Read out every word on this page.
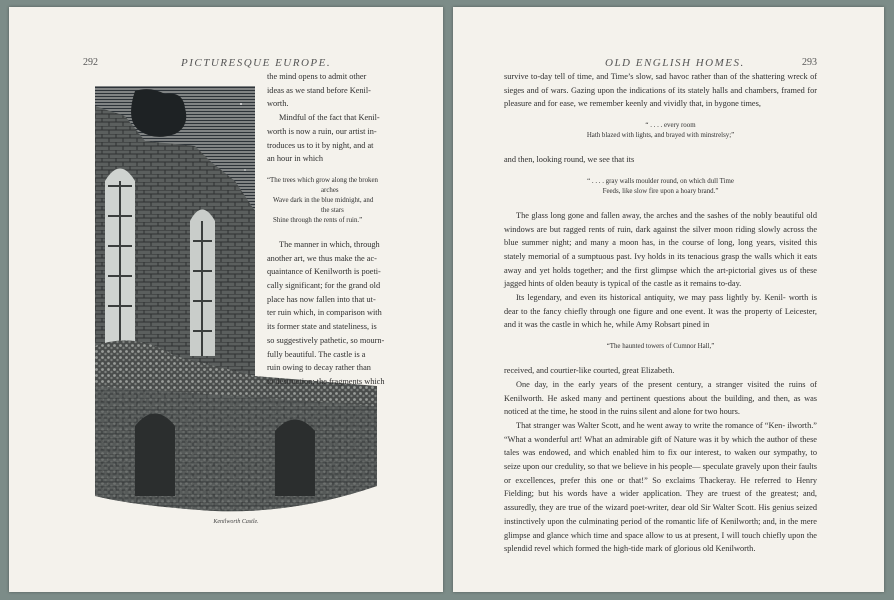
292	PICTURESQUE EUROPE.
Kenilworth Castle.

the mind opens to admit other
ideas as we stand before Kenil-
worth.

Mindful of the fact that Kenil-
worth is now a ruin, our artist in-
troduces us to it by night, and at
an hour in which

“The trees which grow along the broken
arches
Wave dark in the blue midnight, and
the stars
Shine through the rents of ruin.”

The manner in which, through
another art, we thus make the ac-
quaintance of Kenilworth is poeti-
cally significant; for the grand old
place has now fallen into that ut-
ter ruin which, in comparison with
its former state and stateliness, is
so suggestively pathetic, so mourn-
fully beautiful. The castle is a
ruin owing to decay rather than
to destruction; the fragments which

OLD ENGLISH HOMES.	293

survive to-day tell of time, and Time’s slow, sad havoc rather than of the shattering wreck of sieges and of wars. Gazing upon the indications of its stately halls and chambers, framed for pleasure and for ease, we remember keenly and vividly that, in bygone times,

“ . . . . every room
Hath blazed with lights, and brayed with minstrelsy;”

and then, looking round, we see that its

“ . . . . gray walls moulder round, on which dull Time
Feeds, like slow fire upon a hoary brand.”

The glass long gone and fallen away, the arches and the sashes of the nobly beautiful old windows are but ragged rents of ruin, dark against the silver moon riding slowly across the blue summer night; and many a moon has, in the course of long, long years, visited this stately memorial of a sumptuous past. Ivy holds in its tenacious grasp the walls which it eats away and yet holds together; and the first glimpse which the art-pictorial gives us of these jagged hints of olden beauty is typical of the castle as it remains to-day.

Its legendary, and even its historical antiquity, we may pass lightly by. Kenil- worth is dear to the fancy chiefly through one figure and one event. It was the property of Leicester, and it was the castle in which he, while Amy Robsart pined in

“The haunted towers of Cumnor Hall,”

received, and courtier-like courted, great Elizabeth.

One day, in the early years of the present century, a stranger visited the ruins of Kenilworth. He asked many and pertinent questions about the building, and then, as was noticed at the time, he stood in the ruins silent and alone for two hours.

That stranger was Walter Scott, and he went away to write the romance of “Ken- ilworth.” “What a wonderful art! What an admirable gift of Nature was it by which the author of these tales was endowed, and which enabled him to fix our interest, to waken our sympathy, to seize upon our credulity, so that we believe in his people— speculate gravely upon their faults or excellences, prefer this one or that!” So exclaims Thackeray. He referred to Henry Fielding; but his words have a wider application. They are truest of the greatest; and, assuredly, they are true of the wizard poet-writer, dear old Sir Walter Scott. His genius seized instinctively upon the culminating period of the romantic life of Kenilworth; and, in the mere glimpse and glance which time and space allow to us at present, I will touch chiefly upon the splendid revel which formed the high-tide mark of glorious old Kenilworth.
